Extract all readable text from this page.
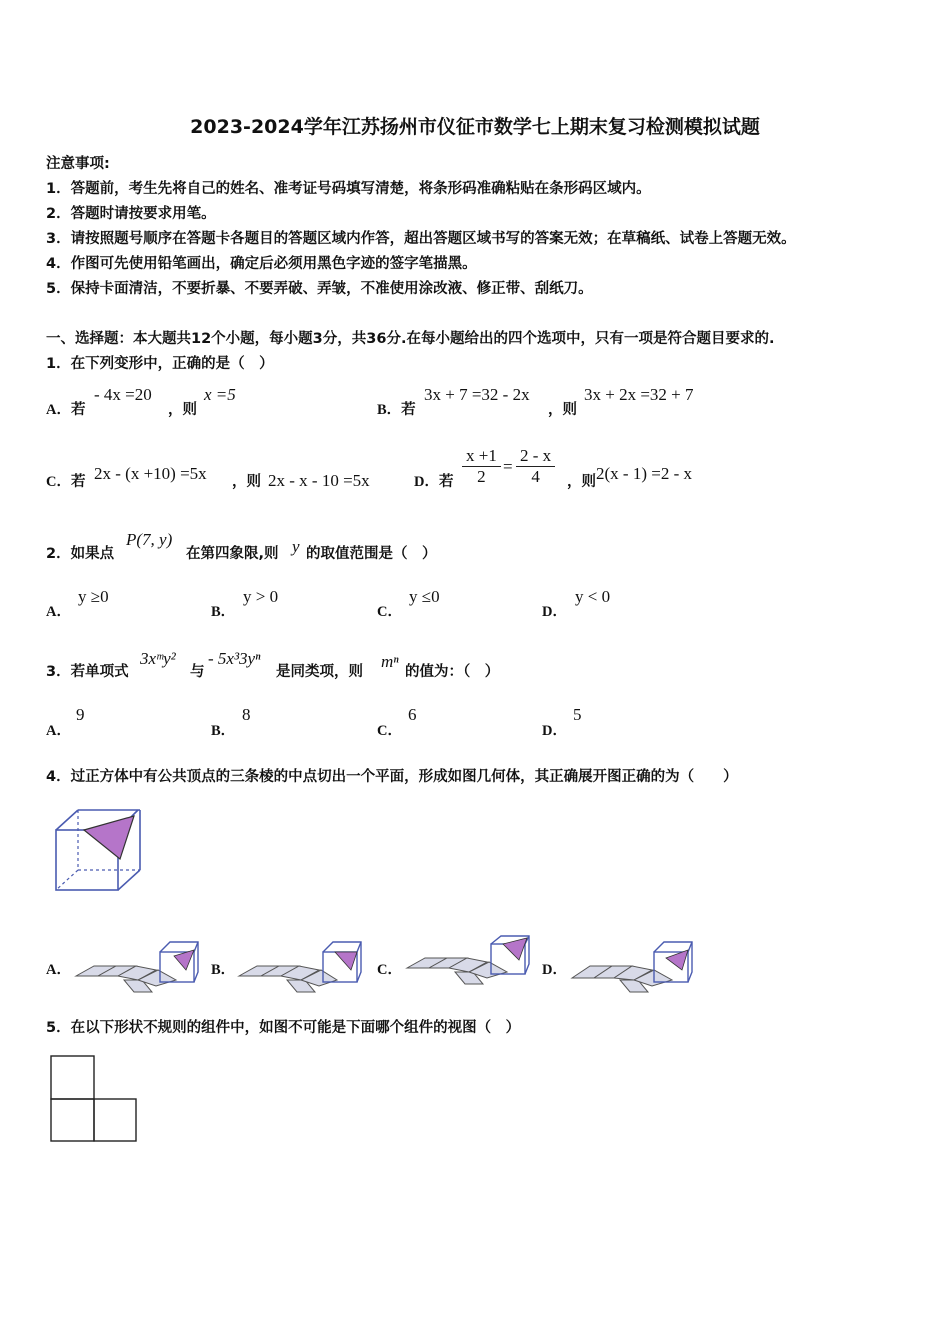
2023-2024学年江苏扬州市仪征市数学七上期末复习检测模拟试题
注意事项:
1．答题前，考生先将自己的姓名、准考证号码填写清楚，将条形码准确粘贴在条形码区域内。
2．答题时请按要求用笔。
3．请按照题号顺序在答题卡各题目的答题区域内作答，超出答题区域书写的答案无效；在草稿纸、试卷上答题无效。
4．作图可先使用铅笔画出，确定后必须用黑色字迹的签字笔描黑。
5．保持卡面清洁，不要折暴、不要弄破、弄皱，不准使用涂改液、修正带、刮纸刀。
一、选择题：本大题共12个小题，每小题3分，共36分.在每小题给出的四个选项中，只有一项是符合题目要求的.
1．在下列变形中，正确的是（　）
A．若
- 4x =20
，则
x =5
B．若
3x + 7 =32 - 2x
，则
3x + 2x =32 + 7
C．若 2x - (x +10) =5x ，则 2x - x - 10 =5x	D．若 $\frac{x +1}{2} = \frac{2 - x}{4}$ ，则 2(x - 1) =2 - x
2．如果点
P(7, y)
在第四象限,则 y 的取值范围是（　）
A．
y ≥0
B．
y > 0
C．
y ≤0
D．
y < 0
3．若单项式
3xᵐy²
与
- 5x³3yⁿ
是同类项，则
mⁿ
的值为：（　）
A．
9
B．
8
C．
6
D．
5
4．过正方体中有公共顶点的三条棱的中点切出一个平面，形成如图几何体，其正确展开图正确的为（　　）
A．	B．	C．	D．
5．在以下形状不规则的组件中，如图不可能是下面哪个组件的视图（　）
